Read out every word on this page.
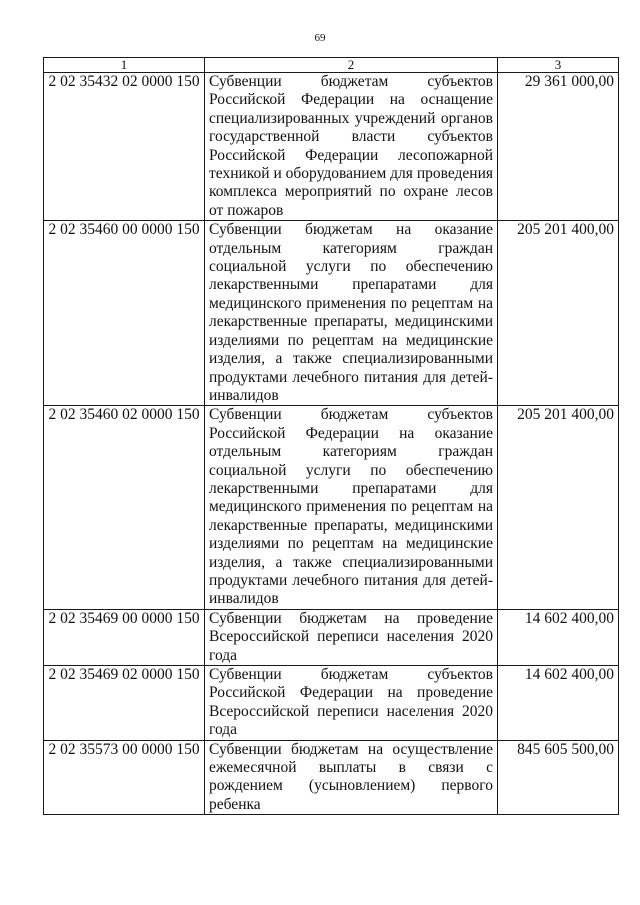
69
1	2	3
2 02 35432 02 0000 150	Субвенции бюджетам субъектов Российской Федерации на оснащение специализированных учреждений органов государственной власти субъектов Российской Федерации лесопожарной техникой и оборудованием для проведения комплекса мероприятий по охране лесов от пожаров	29 361 000,00
2 02 35460 00 0000 150	Субвенции бюджетам на оказание отдельным категориям граждан социальной услуги по обеспечению лекарственными препаратами для медицинского применения по рецептам на лекарственные препараты, медицинскими изделиями по рецептам на медицинские изделия, а также специализированными продуктами лечебного питания для детей-инвалидов	205 201 400,00
2 02 35460 02 0000 150	Субвенции бюджетам субъектов Российской Федерации на оказание отдельным категориям граждан социальной услуги по обеспечению лекарственными препаратами для медицинского применения по рецептам на лекарственные препараты, медицинскими изделиями по рецептам на медицинские изделия, а также специализированными продуктами лечебного питания для детей-инвалидов	205 201 400,00
2 02 35469 00 0000 150	Субвенции бюджетам на проведение Всероссийской переписи населения 2020 года	14 602 400,00
2 02 35469 02 0000 150	Субвенции бюджетам субъектов Российской Федерации на проведение Всероссийской переписи населения 2020 года	14 602 400,00
2 02 35573 00 0000 150	Субвенции бюджетам на осуществление ежемесячной выплаты в связи с рождением (усыновлением) первого ребенка	845 605 500,00
